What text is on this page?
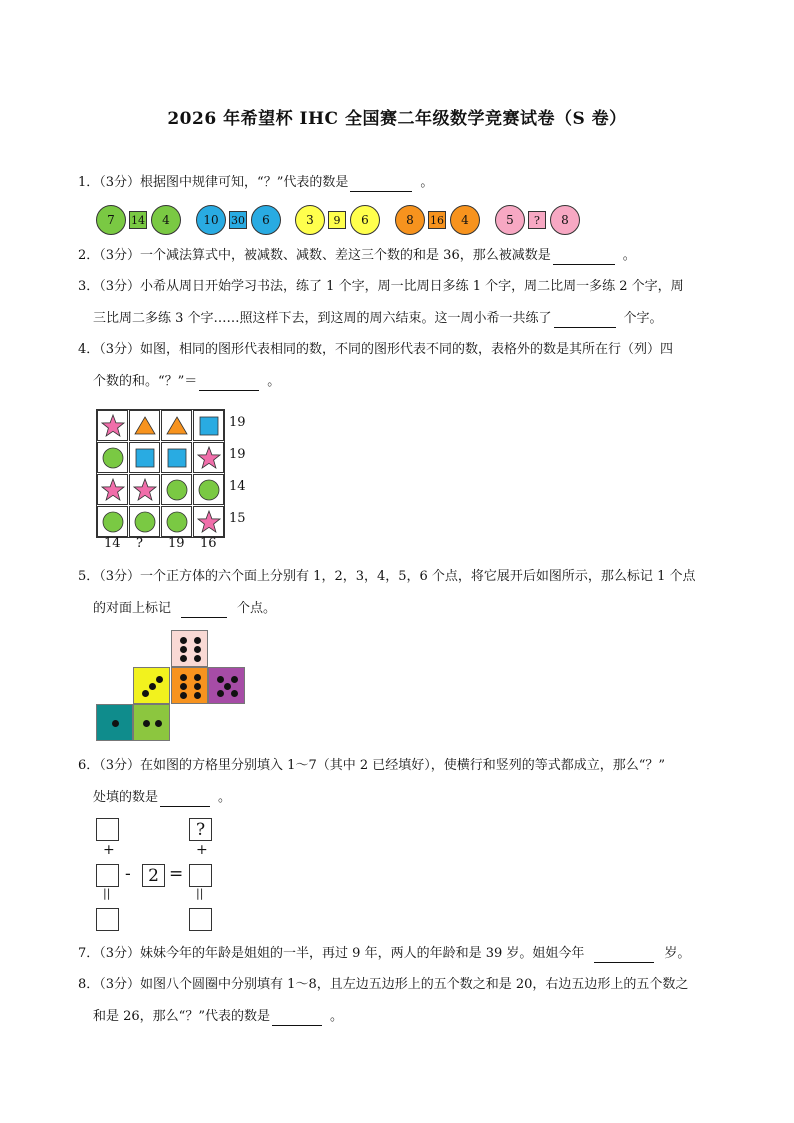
2026 年希望杯 IHC 全国赛二年级数学竞赛试卷（S 卷）
1．（3分）根据图中规律可知，“？”代表的数是	。
7	14	4	10	30	6	3	9	6	8	16	4	5	?	8
2．（3分）一个减法算式中，被减数、减数、差这三个数的和是 36，那么被减数是	。
3．（3分）小希从周日开始学习书法，练了 1 个字，周一比周日多练 1 个字，周二比周一多练 2 个字，周
三比周二多练 3 个字……照这样下去，到这周的周六结束。这一周小希一共练了	个字。
4．（3分）如图，相同的图形代表相同的数，不同的图形代表不同的数，表格外的数是其所在行（列）四
个数的和。“？”＝	。
19
19
14
15
14 ? 19 16
5．（3分）一个正方体的六个面上分别有 1，2，3，4，5，6 个点，将它展开后如图所示，那么标记 1 个点
的对面上标记	个点。
6．（3分）在如图的方格里分别填入 1～7（其中 2 已经填好），使横行和竖列的等式都成立，那么“？”
处填的数是	。
?
+	+
-	2 =
||	||
7．（3分）妹妹今年的年龄是姐姐的一半，再过 9 年，两人的年龄和是 39 岁。姐姐今年	岁。
8．（3分）如图八个圆圈中分别填有 1～8，且左边五边形上的五个数之和是 20，右边五边形上的五个数之
和是 26，那么“？”代表的数是	。
